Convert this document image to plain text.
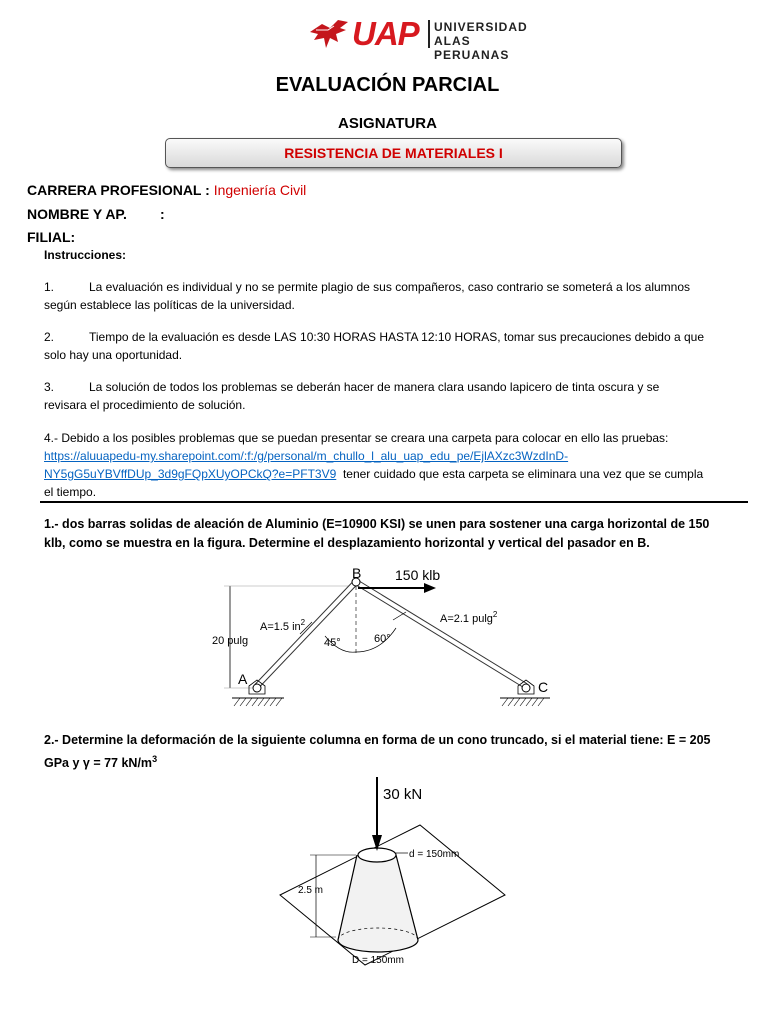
UAP UNIVERSIDAD
ALAS PERUANAS
EVALUACIÓN PARCIAL
ASIGNATURA
RESISTENCIA DE MATERIALES I
CARRERA PROFESIONAL : Ingeniería Civil
NOMBRE Y AP. :
FILIAL:
Instrucciones:
1.	La evaluación es individual y no se permite plagio de sus compañeros, caso contrario se someterá a los alumnos
según establece las políticas de la universidad.
2.	Tiempo de la evaluación es desde LAS 10:30 HORAS HASTA 12:10 HORAS, tomar sus precauciones debido a que
solo hay una oportunidad.
3.	La solución de todos los problemas se deberán hacer de manera clara usando lapicero de tinta oscura y se
revisara el procedimiento de solución.
4.- Debido a los posibles problemas que se puedan presentar se creara una carpeta para colocar en ello las pruebas:
https://aluuapedu-my.sharepoint.com/:f:/g/personal/m_chullo_l_alu_uap_edu_pe/EjlAXzc3WzdInD-
NY5gG5uYBVffDUp_3d9gFQpXUyOPCkQ?e=PFT3V9 tener cuidado que esta carpeta se eliminara una vez que se cumpla
el tiempo.
1.- dos barras solidas de aleación de Aluminio (E=10900 KSI) se unen para sostener una carga horizontal de 150
klb, como se muestra en la figura. Determine el desplazamiento horizontal y vertical del pasador en B.
B 150 klb
A=1.5 $in^2$	A=2.1 pulg$^2$
20 pulg	45°	60°
A	C
2.- Determine la deformación de la siguiente columna en forma de un cono truncado, si el material tiene: E = 205
GPa y γ = 77 $kN/m^3$
30 kN
d = 150mm
2.5 m
D = 150mm
